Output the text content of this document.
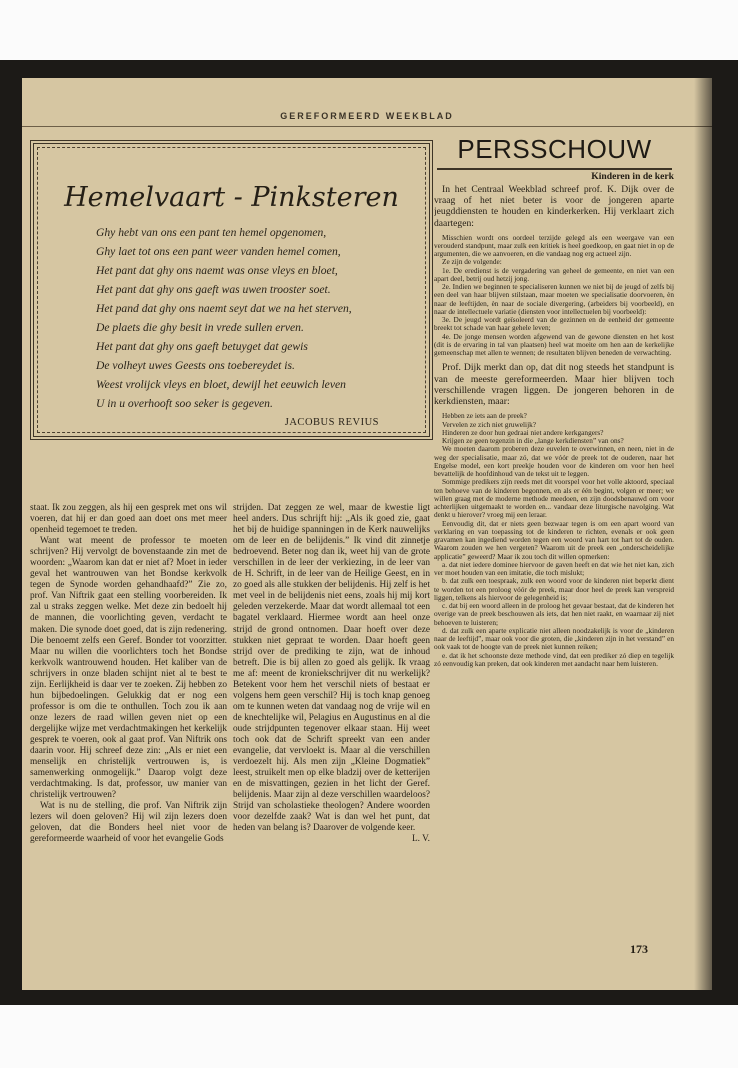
GEREFORMEERD WEEKBLAD
Hemelvaart - Pinksteren
Ghy hebt van ons een pant ten hemel opgenomen,
Ghy laet tot ons een pant weer vanden hemel comen,
Het pant dat ghy ons naemt was onse vleys en bloet,
Het pant dat ghy ons gaeft was uwen trooster soet.
Het pand dat ghy ons naemt seyt dat we na het sterven,
De plaets die ghy besit in vrede sullen erven.
Het pant dat ghy ons gaeft betuyget dat gewis
De volheyt uwes Geests ons toebereydet is.
Weest vrolijck vleys en bloet, dewijl het eeuwich leven
U in u overhooft soo seker is gegeven.
JACOBUS REVIUS
PERSSCHOUW

Kinderen in de kerk

In het Centraal Weekblad schreef prof. K. Dijk over de vraag of het niet beter is voor de jongeren aparte jeugddiensten te houden en kinderkerken. Hij verklaart zich daartegen:

Misschien wordt ons oordeel terzijde gelegd als een weergave van een verouderd standpunt, maar zulk een kritiek is heel goedkoop, en gaat niet in op de argumenten, die we aanvoeren, en die vandaag nog erg actueel zijn.

Ze zijn de volgende:

1e. De eredienst is de vergadering van geheel de gemeente, en niet van een apart deel, betrij oud hetzij jong.

2e. Indien we beginnen te specialiseren kunnen we niet bij de jeugd of zelfs bij een deel van haar blijven stilstaan, maar moeten we specialisatie doorvoeren, èn naar de leeftijden, èn naar de sociale divergering, (arbeiders bij voorbeeld), en naar de intellectuele variatie (diensten voor intellectuelen bij voorbeeld):

3e. De jeugd wordt geïsoleerd van de gezinnen en de eenheid der gemeente breekt tot schade van haar gehele leven;

4e. De jonge mensen worden afgewend van de gewone diensten en het kost (dit is de ervaring in tal van plaatsen) heel wat moeite om hen aan de kerkelijke gemeenschap met allen te wennen; de resultaten blijven beneden de verwachting.

Prof. Dijk merkt dan op, dat dit nog steeds het standpunt is van de meeste gereformeerden. Maar hier blijven toch verschillende vragen liggen. De jongeren behoren in de kerkdiensten, maar:

Hebben ze iets aan de preek?

Vervelen ze zich niet gruwelijk?

Hinderen ze door hun gedraai niet andere kerkgangers?

Krijgen ze geen tegenzin in die „lange kerkdiensten” van ons?

We moeten daarom proberen deze euvelen te overwinnen, en neen, niet in de weg der specialisatie, maar zó, dat we vóór de preek tot de ouderen, naar het Engelse model, een kort preekje houden voor de kinderen om voor hen heel bevattelijk de hoofdinhoud van de tekst uit te leggen.

Sommige predikers zijn reeds met dit voorspel voor het volle aktoord, speciaal ten behoeve van de kinderen begonnen, en als er één begint, volgen er meer; we willen graag met de moderne methode meedoen, en zijn doodsbenauwd om voor achterlijken uitgemaakt te worden en... vandaar deze liturgische navolging. Wat denkt u hierover? vroeg mij een leraar.

Eenvoudig dit, dat er niets geen bezwaar tegen is om een apart woord van verklaring en van toepassing tot de kinderen te richten, evenals er ook geen gravamen kan ingediend worden tegen een woord van hart tot hart tot de ouden. Waarom zouden we hen vergeten? Waarom uit de preek een „onderscheidelijke applicatie” geweerd? Maar ik zou toch dit willen opmerken:

a. dat niet iedere dominee hiervoor de gaven heeft en dat wie het niet kan, zich ver moet houden van een imitatie, die toch mislukt;

b. dat zulk een toespraak, zulk een woord voor de kinderen niet beperkt dient te worden tot een proloog vóór de preek, maar door heel de preek kan verspreid liggen, telkens als hiervoor de gelegenheid is;

c. dat bij een woord alleen in de proloog het gevaar bestaat, dat de kinderen het overige van de preek beschouwen als iets, dat hen niet raakt, en waarnaar zij niet behoeven te luisteren;

d. dat zulk een aparte explicatie niet alleen noodzakelijk is voor de „kinderen naar de leeftijd”, maar ook voor die groten, die „kinderen zijn in het verstand” en ook vaak tot de hoogte van de preek niet kunnen reiken;

e. dat ik het schoonste deze methode vind, dat een prediker zó diep en tegelijk zó eenvoudig kan preken, dat ook kinderen met aandacht naar hem luisteren.

staat. Ik zou zeggen, als hij een gesprek met ons wil voeren, dat hij er dan goed aan doet ons met meer openheid tegemoet te treden.

Want wat meent de professor te moeten schrijven? Hij vervolgt de bovenstaande zin met de woorden: „Waarom kan dat er niet af? Moet in ieder geval het wantrouwen van het Bondse kerkvolk tegen de Synode worden gehandhaafd?” Zie zo, prof. Van Niftrik gaat een stelling voorbereiden. Ik zal u straks zeggen welke. Met deze zin bedoelt hij de mannen, die voorlichting geven, verdacht te maken. Die synode doet goed, dat is zijn redenering. Die benoemt zelfs een Geref. Bonder tot voorzitter. Maar nu willen die voorlichters toch het Bondse kerkvolk wantrouwend houden. Het kaliber van de schrijvers in onze bladen schijnt niet al te best te zijn. Eerlijkheid is daar ver te zoeken. Zij hebben zo hun bijbedoelingen. Gelukkig dat er nog een professor is om die te onthullen. Toch zou ik aan onze lezers de raad willen geven niet op een dergelijke wijze met verdachtmakingen het kerkelijk gesprek te voeren, ook al gaat prof. Van Niftrik ons daarin voor. Hij schreef deze zin: „Als er niet een menselijk en christelijk vertrouwen is, is samenwerking onmogelijk.” Daarop volgt deze verdachtmaking. Is dat, professor, uw manier van christelijk vertrouwen?

Wat is nu de stelling, die prof. Van Niftrik zijn lezers wil doen geloven? Hij wil zijn lezers doen geloven, dat die Bonders heel niet voor de gereformeerde waarheid of voor het evangelie Gods

strijden. Dat zeggen ze wel, maar de kwestie ligt heel anders. Dus schrijft hij: „Als ik goed zie, gaat het bij de huidige spanningen in de Kerk nauwelijks om de leer en de belijdenis.” Ik vind dit zinnetje bedroevend. Beter nog dan ik, weet hij van de grote verschillen in de leer der verkiezing, in de leer van de H. Schrift, in de leer van de Heilige Geest, en in zo goed als alle stukken der belijdenis. Hij zelf is het met veel in de belijdenis niet eens, zoals hij mij kort geleden verzekerde. Maar dat wordt allemaal tot een bagatel verklaard. Hiermee wordt aan heel onze strijd de grond ontnomen. Daar hoeft over deze stukken niet gepraat te worden. Daar hoeft geen strijd over de prediking te zijn, wat de inhoud betreft. Die is bij allen zo goed als gelijk. Ik vraag me af: meent de kroniekschrijver dit nu werkelijk? Betekent voor hem het verschil niets of bestaat er volgens hem geen verschil? Hij is toch knap genoeg om te kunnen weten dat vandaag nog de vrije wil en de knechtelijke wil, Pelagius en Augustinus en al die oude strijdpunten tegenover elkaar staan. Hij weet toch ook dat de Schrift spreekt van een ander evangelie, dat vervloekt is. Maar al die verschillen verdoezelt hij. Als men zijn „Kleine Dogmatiek” leest, struikelt men op elke bladzij over de ketterijen en de misvattingen, gezien in het licht der Geref. belijdenis. Maar zijn al deze verschillen waardeloos? Strijd van scholastieke theologen? Andere woorden voor dezelfde zaak? Wat is dan wel het punt, dat heden van belang is? Daarover de volgende keer.

L. V.

173
